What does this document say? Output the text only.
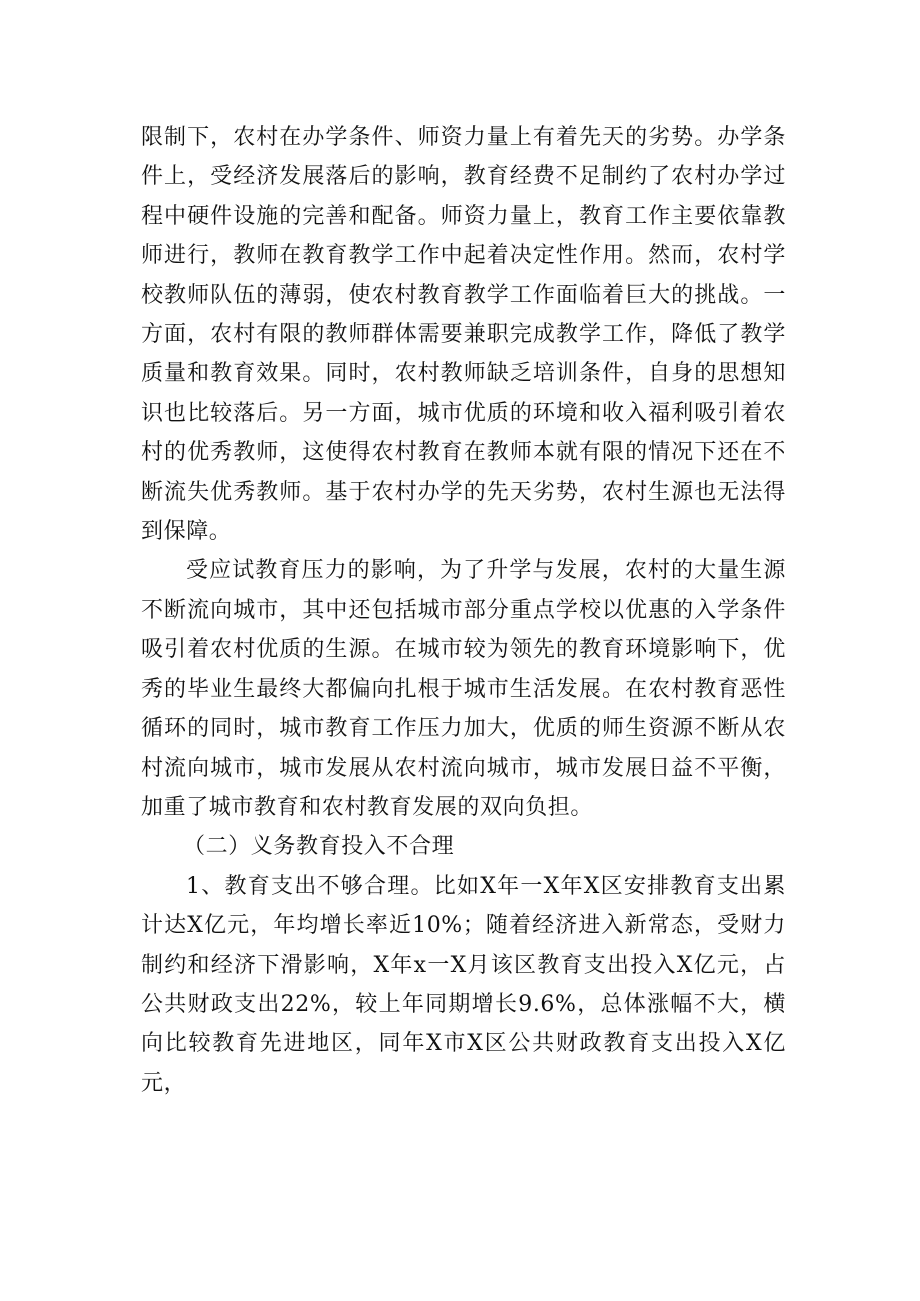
限制下，农村在办学条件、师资力量上有着先天的劣势。办学条件上，受经济发展落后的影响，教育经费不足制约了农村办学过程中硬件设施的完善和配备。师资力量上，教育工作主要依靠教师进行，教师在教育教学工作中起着决定性作用。然而，农村学校教师队伍的薄弱，使农村教育教学工作面临着巨大的挑战。一方面，农村有限的教师群体需要兼职完成教学工作，降低了教学质量和教育效果。同时，农村教师缺乏培训条件，自身的思想知识也比较落后。另一方面，城市优质的环境和收入福利吸引着农村的优秀教师，这使得农村教育在教师本就有限的情况下还在不断流失优秀教师。基于农村办学的先天劣势，农村生源也无法得到保障。

受应试教育压力的影响，为了升学与发展，农村的大量生源不断流向城市，其中还包括城市部分重点学校以优惠的入学条件吸引着农村优质的生源。在城市较为领先的教育环境影响下，优秀的毕业生最终大都偏向扎根于城市生活发展。在农村教育恶性循环的同时，城市教育工作压力加大，优质的师生资源不断从农村流向城市，城市发展从农村流向城市，城市发展日益不平衡，加重了城市教育和农村教育发展的双向负担。

（二）义务教育投入不合理

1、教育支出不够合理。比如X年一X年X区安排教育支出累计达X亿元，年均增长率近10%；随着经济进入新常态，受财力制约和经济下滑影响，X年x一X月该区教育支出投入X亿元，占公共财政支出22%，较上年同期增长9.6%，总体涨幅不大，横向比较教育先进地区，同年X市X区公共财政教育支出投入X亿元，
